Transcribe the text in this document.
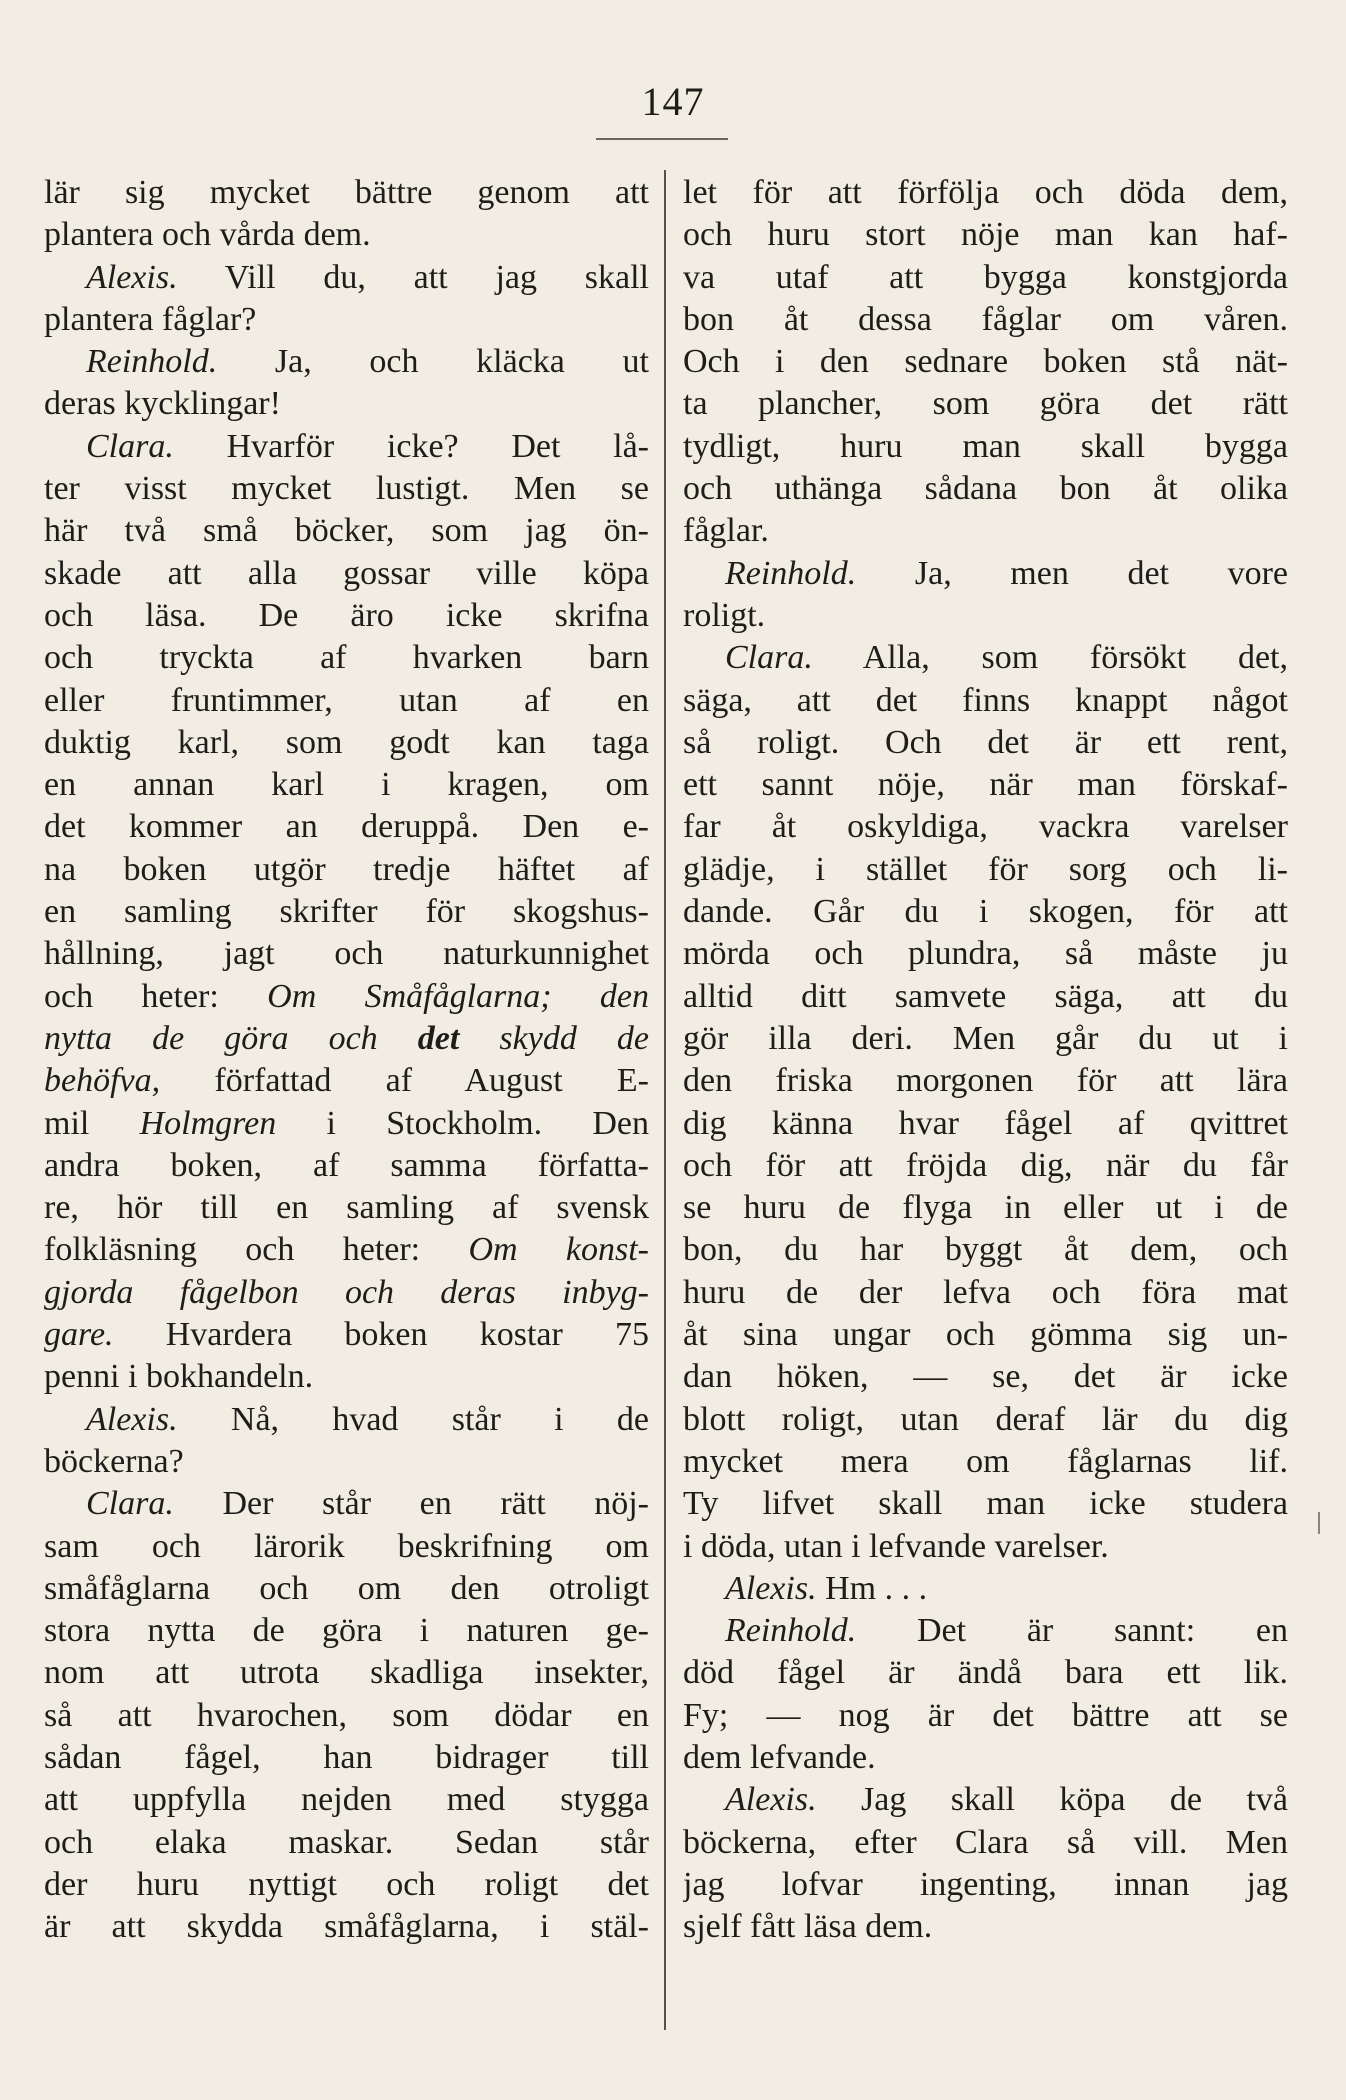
147
lär sig mycket bättre genom att
plantera och vårda dem.
Alexis. Vill du, att jag skall
plantera fåglar?
Reinhold. Ja, och kläcka ut
deras kycklingar!
Clara. Hvarför icke? Det lå-
ter visst mycket lustigt. Men se
här två små böcker, som jag ön-
skade att alla gossar ville köpa
och läsa. De äro icke skrifna
och tryckta af hvarken barn
eller fruntimmer, utan af en
duktig karl, som godt kan taga
en annan karl i kragen, om
det kommer an deruppå. Den e-
na boken utgör tredje häftet af
en samling skrifter för skogshus-
hållning, jagt och naturkunnighet
och heter: Om Småfåglarna; den
nytta de göra och det skydd de
behöfva, författad af August E-
mil Holmgren i Stockholm. Den
andra boken, af samma författa-
re, hör till en samling af svensk
folkläsning och heter: Om konst-
gjorda fågelbon och deras inbyg-
gare. Hvardera boken kostar 75
penni i bokhandeln.
Alexis. Nå, hvad står i de
böckerna?
Clara. Der står en rätt nöj-
sam och lärorik beskrifning om
småfåglarna och om den otroligt
stora nytta de göra i naturen ge-
nom att utrota skadliga insekter,
så att hvarochen, som dödar en
sådan fågel, han bidrager till
att uppfylla nejden med stygga
och elaka maskar. Sedan står
der huru nyttigt och roligt det
är att skydda småfåglarna, i stäl-
let för att förfölja och döda dem,
och huru stort nöje man kan haf-
va utaf att bygga konstgjorda
bon åt dessa fåglar om våren.
Och i den sednare boken stå nät-
ta plancher, som göra det rätt
tydligt, huru man skall bygga
och uthänga sådana bon åt olika
fåglar.
Reinhold. Ja, men det vore
roligt.
Clara. Alla, som försökt det,
säga, att det finns knappt något
så roligt. Och det är ett rent,
ett sannt nöje, när man förskaf-
far åt oskyldiga, vackra varelser
glädje, i stället för sorg och li-
dande. Går du i skogen, för att
mörda och plundra, så måste ju
alltid ditt samvete säga, att du
gör illa deri. Men går du ut i
den friska morgonen för att lära
dig känna hvar fågel af qvittret
och för att fröjda dig, när du får
se huru de flyga in eller ut i de
bon, du har byggt åt dem, och
huru de der lefva och föra mat
åt sina ungar och gömma sig un-
dan höken, — se, det är icke
blott roligt, utan deraf lär du dig
mycket mera om fåglarnas lif.
Ty lifvet skall man icke studera
i döda, utan i lefvande varelser.
Alexis. Hm . . .
Reinhold. Det är sannt: en
död fågel är ändå bara ett lik.
Fy; — nog är det bättre att se
dem lefvande.
Alexis. Jag skall köpa de två
böckerna, efter Clara så vill. Men
jag lofvar ingenting, innan jag
sjelf fått läsa dem.
